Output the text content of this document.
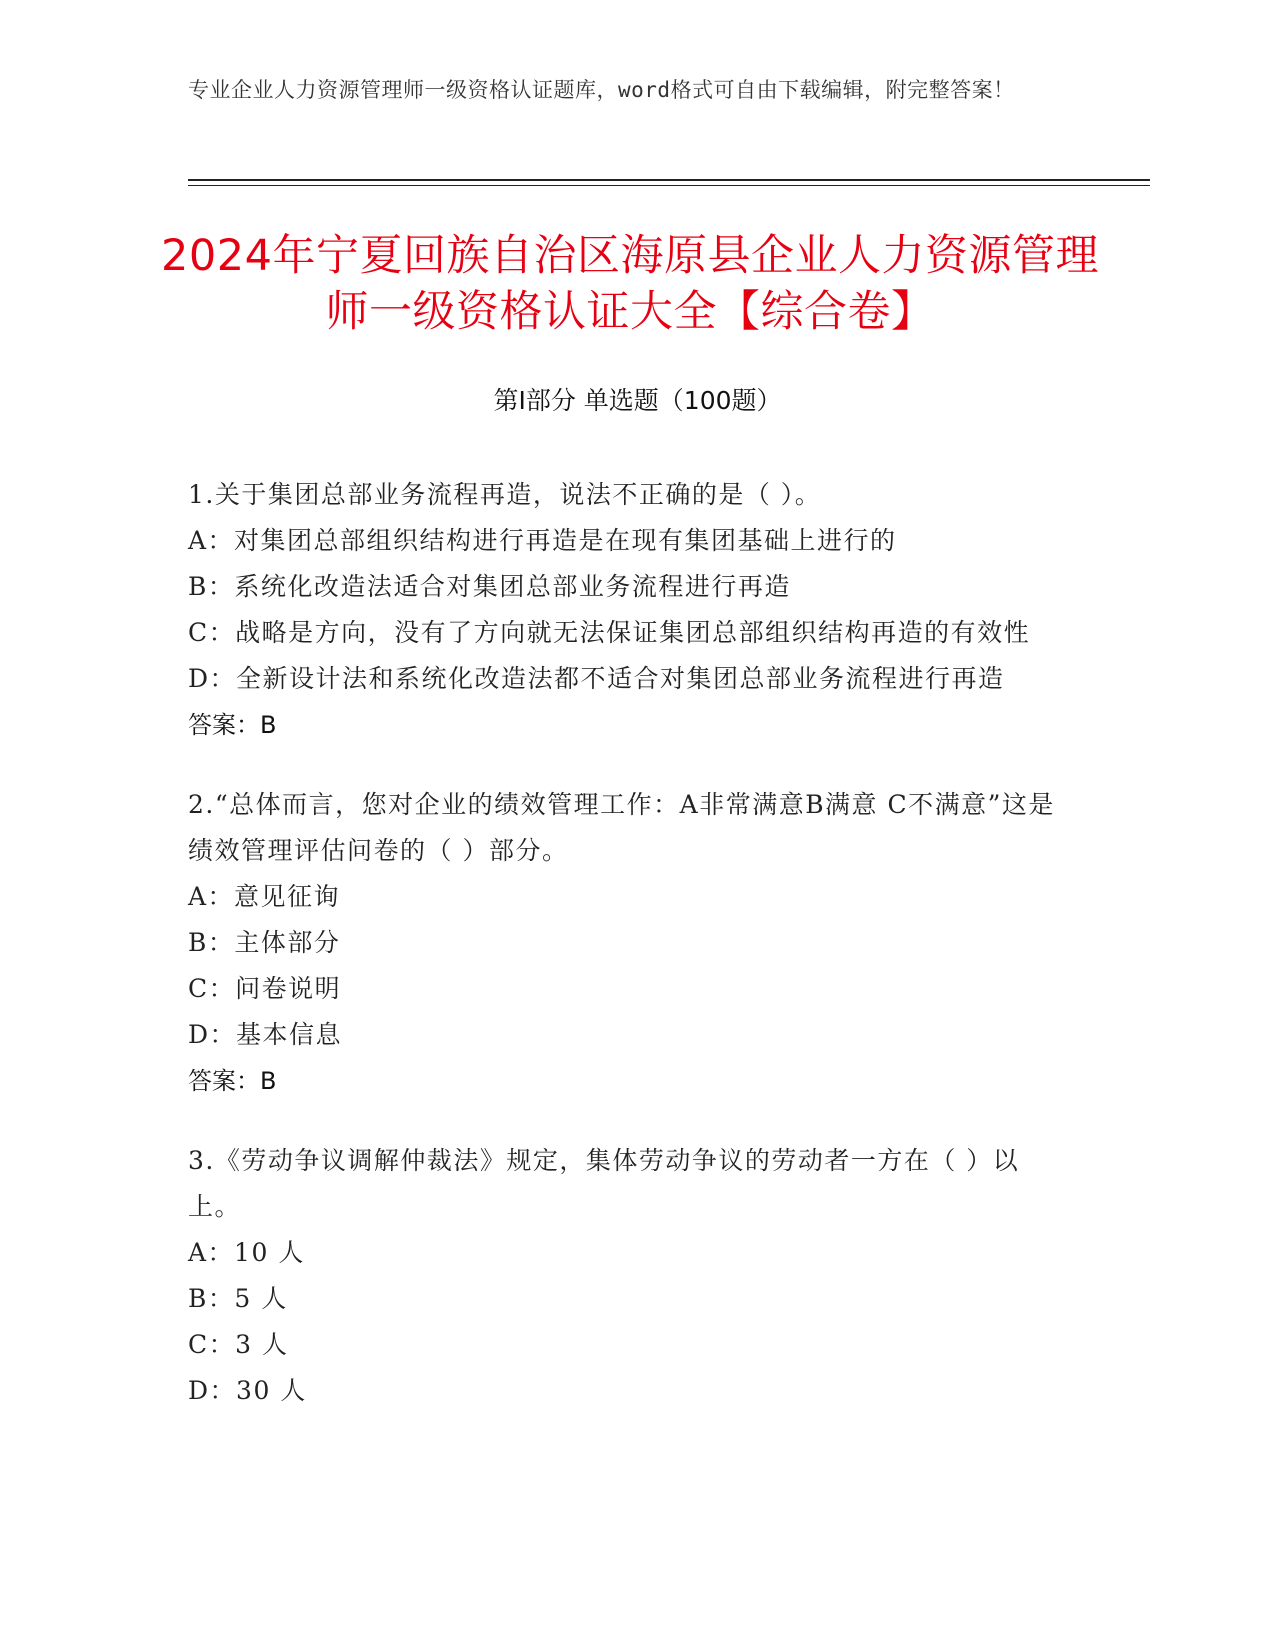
专业企业人力资源管理师一级资格认证题库，word格式可自由下载编辑，附完整答案！
2024年宁夏回族自治区海原县企业人力资源管理师一级资格认证大全【综合卷】
第Ⅰ部分 单选题（100题）

1.关于集团总部业务流程再造，说法不正确的是（ ）。

A：对集团总部组织结构进行再造是在现有集团基础上进行的

B：系统化改造法适合对集团总部业务流程进行再造

C：战略是方向，没有了方向就无法保证集团总部组织结构再造的有效性

D：全新设计法和系统化改造法都不适合对集团总部业务流程进行再造

答案：B

2.“总体而言，您对企业的绩效管理工作：A非常满意B满意 C不满意”这是绩效管理评估问卷的（ ）部分。

A：意见征询

B：主体部分

C：问卷说明

D：基本信息

答案：B

3.《劳动争议调解仲裁法》规定，集体劳动争议的劳动者一方在（ ）以上。

A：10 人

B：5 人

C：3 人

D：30 人
